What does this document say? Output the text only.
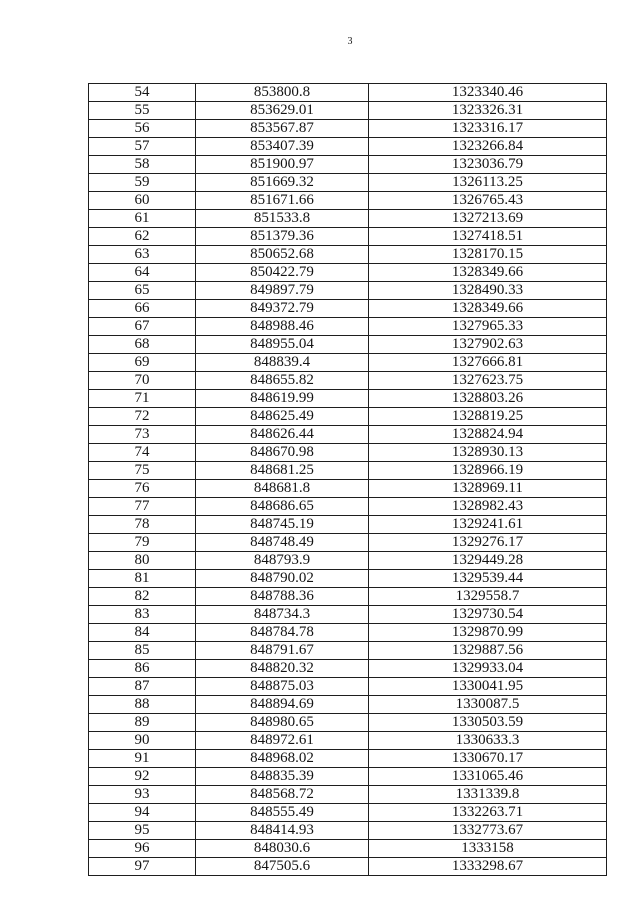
3
54	853800.8	1323340.46
55	853629.01	1323326.31
56	853567.87	1323316.17
57	853407.39	1323266.84
58	851900.97	1323036.79
59	851669.32	1326113.25
60	851671.66	1326765.43
61	851533.8	1327213.69
62	851379.36	1327418.51
63	850652.68	1328170.15
64	850422.79	1328349.66
65	849897.79	1328490.33
66	849372.79	1328349.66
67	848988.46	1327965.33
68	848955.04	1327902.63
69	848839.4	1327666.81
70	848655.82	1327623.75
71	848619.99	1328803.26
72	848625.49	1328819.25
73	848626.44	1328824.94
74	848670.98	1328930.13
75	848681.25	1328966.19
76	848681.8	1328969.11
77	848686.65	1328982.43
78	848745.19	1329241.61
79	848748.49	1329276.17
80	848793.9	1329449.28
81	848790.02	1329539.44
82	848788.36	1329558.7
83	848734.3	1329730.54
84	848784.78	1329870.99
85	848791.67	1329887.56
86	848820.32	1329933.04
87	848875.03	1330041.95
88	848894.69	1330087.5
89	848980.65	1330503.59
90	848972.61	1330633.3
91	848968.02	1330670.17
92	848835.39	1331065.46
93	848568.72	1331339.8
94	848555.49	1332263.71
95	848414.93	1332773.67
96	848030.6	1333158
97	847505.6	1333298.67
